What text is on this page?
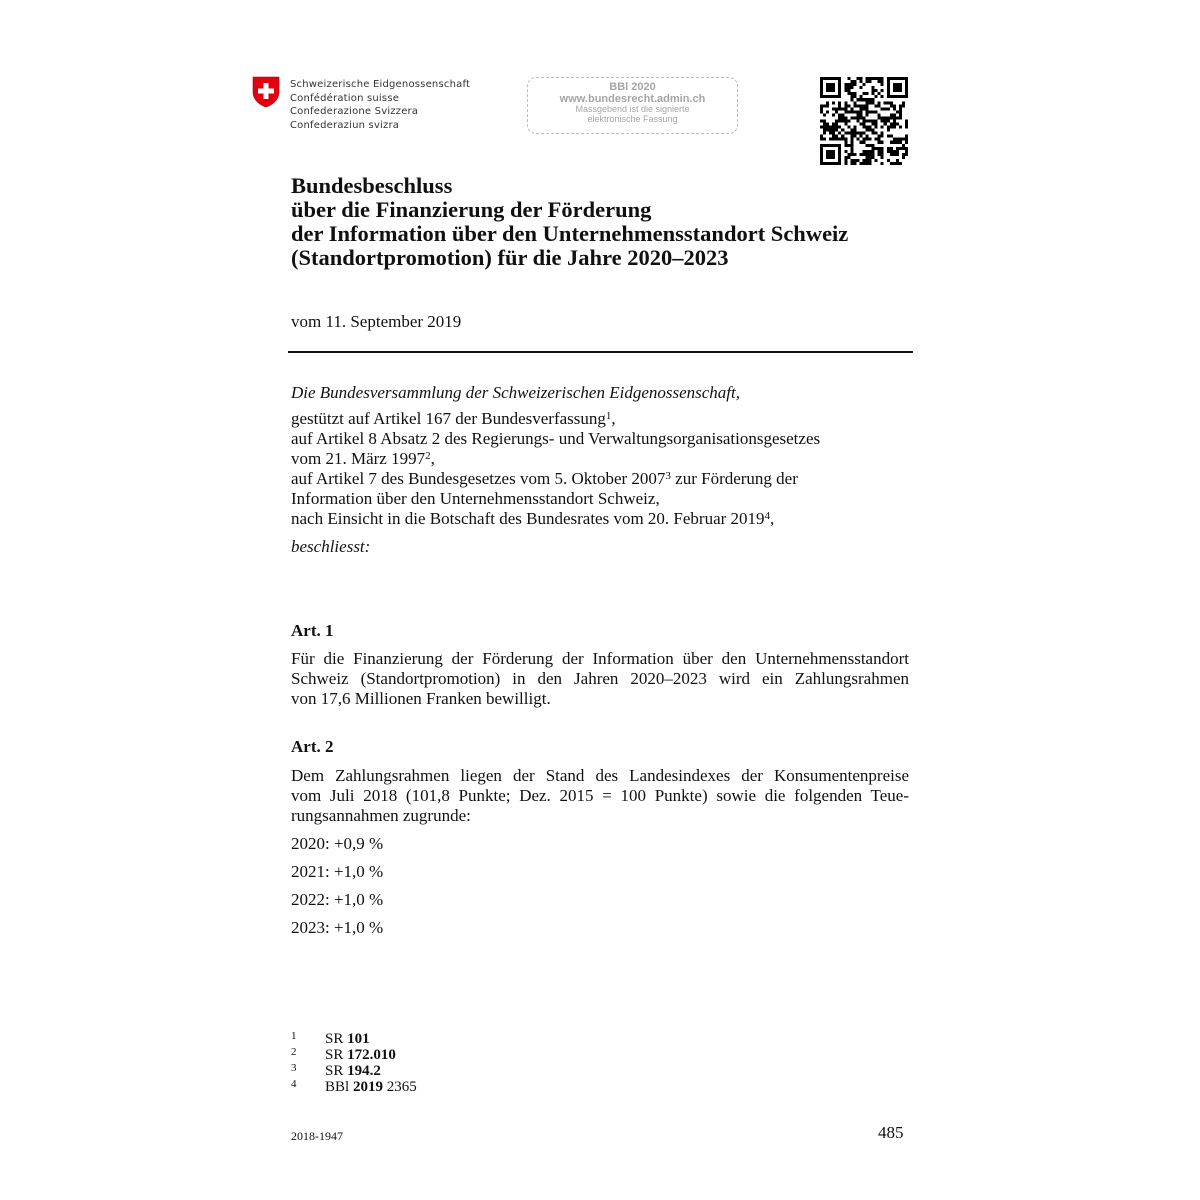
Schweizerische Eidgenossenschaft
Confédération suisse
Confederazione Svizzera
Confederaziun svizra
BBl 2020
www.bundesrecht.admin.ch
Massgebend ist die signierte
elektronische Fassung
Bundesbeschluss
über die Finanzierung der Förderung
der Information über den Unternehmensstandort Schweiz
(Standortpromotion) für die Jahre 2020–2023
vom 11. September 2019
Die Bundesversammlung der Schweizerischen Eidgenossenschaft,
gestützt auf Artikel 167 der Bundesverfassung$^1$,
auf Artikel 8 Absatz 2 des Regierungs- und Verwaltungsorganisationsgesetzes
vom 21. März 1997$^2$,
auf Artikel 7 des Bundesgesetzes vom 5. Oktober 2007$^3$ zur Förderung der
Information über den Unternehmensstandort Schweiz,
nach Einsicht in die Botschaft des Bundesrates vom 20. Februar 2019$^4$,
beschliesst:
Art. 1
Für die Finanzierung der Förderung der Information über den Unternehmensstandort
Schweiz (Standortpromotion) in den Jahren 2020–2023 wird ein Zahlungsrahmen
von 17,6 Millionen Franken bewilligt.
Art. 2
Dem Zahlungsrahmen liegen der Stand des Landesindexes der Konsumentenpreise
vom Juli 2018 (101,8 Punkte; Dez. 2015 = 100 Punkte) sowie die folgenden Teue-
rungsannahmen zugrunde:
2020: +0,9 %
2021: +1,0 %
2022: +1,0 %
2023: +1,0 %
1	SR 101
2	SR 172.010
3	SR 194.2
4	BBl 2019 2365
2018-1947	485
